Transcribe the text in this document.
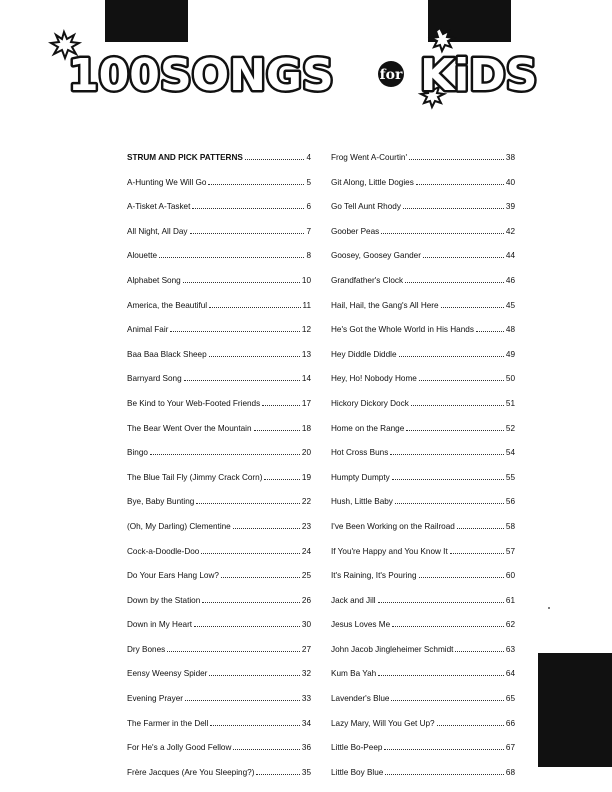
100 SONGS	for KiDS
STRUM AND PICK PATTERNS	4
A-Hunting We Will Go	5
A-Tisket A-Tasket	6
All Night, All Day	7
Alouette	8
Alphabet Song	10
America, the Beautiful	11
Animal Fair	12
Baa Baa Black Sheep	13
Barnyard Song	14
Be Kind to Your Web-Footed Friends	17
The Bear Went Over the Mountain	18
Bingo	20
The Blue Tail Fly (Jimmy Crack Corn)	19
Bye, Baby Bunting	22
(Oh, My Darling) Clementine	23
Cock-a-Doodle-Doo	24
Do Your Ears Hang Low?	25
Down by the Station	26
Down in My Heart	30
Dry Bones	27
Eensy Weensy Spider	32
Evening Prayer	33
The Farmer in the Dell	34
For He's a Jolly Good Fellow	36
Frère Jacques (Are You Sleeping?)	35
Frog Went A-Courtin'	38
Git Along, Little Dogies	40
Go Tell Aunt Rhody	39
Goober Peas	42
Goosey, Goosey Gander	44
Grandfather's Clock	46
Hail, Hail, the Gang's All Here	45
He's Got the Whole World in His Hands	48
Hey Diddle Diddle	49
Hey, Ho! Nobody Home	50
Hickory Dickory Dock	51
Home on the Range	52
Hot Cross Buns	54
Humpty Dumpty	55
Hush, Little Baby	56
I've Been Working on the Railroad	58
If You're Happy and You Know It	57
It's Raining, It's Pouring	60
Jack and Jill	61
Jesus Loves Me	62
John Jacob Jingleheimer Schmidt	63
Kum Ba Yah	64
Lavender's Blue	65
Lazy Mary, Will You Get Up?	66
Little Bo-Peep	67
Little Boy Blue	68
